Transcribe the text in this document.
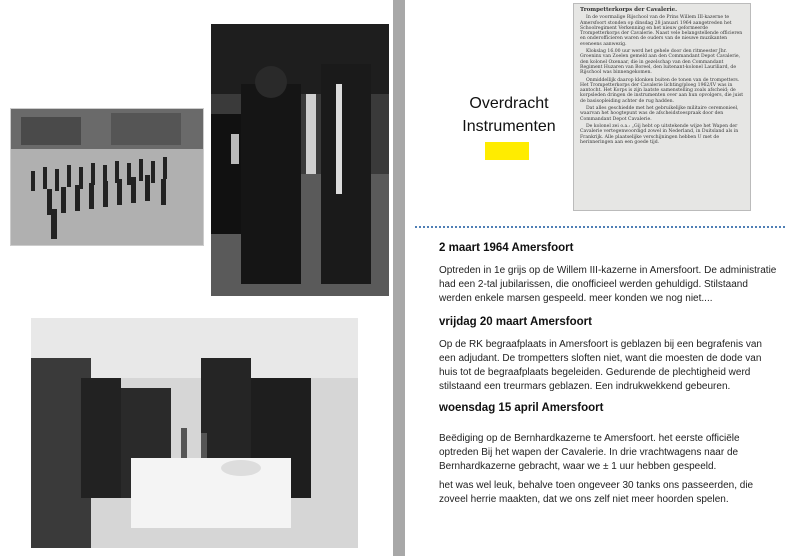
Trompetterkorps der Cavalerie.

In de voormalige Rijschool van de Prins Willem III-kazerne te Amersfoort stonden op dinsdag 28 januari 1964 aangetreden het Schoolregiment Verkenning en het nieuw geformeerde Trompetterkorps der Cavalerie. Naast vele belangstellende officieren en onderofficieren waren de ouders van de nieuwe muzikanten eveneens aanwezig.

Klokslag 16.00 uur werd het gehele door den ritmeester Jhr. Groeninx van Zoelen gemeld aan den Commandant Depot Cavalerie, den kolonel Oxenaar, die in gezelschap van den Commandant Regiment Huzaren van Boreel, den luitenant-kolonel Lauriliard, de Rijschool was binnengekomen.

Onmiddellijk daarop klonken buiten de tonen van de trompetters. Het Trompetterkorps der Cavalerie lichting/ploeg 1962/IV was in aantocht. Het Korps is zijn laatste samenstelling zoals afscheid; de korpsleden dringen de instrumenten over aan hun opvolgers, die juist de basisopleiding achter de rug hadden.

Dat alles geschiedde met het gebruikelijke militaire ceremonieel, waarvan het hoogtepunt was de afscheidstoespraak door den Commandant Depot Cavalerie.

De kolonel zei o.a.: „Gij hebt op uitstekende wijze het Wapen der Cavalerie vertegenwoordigd zowel in Nederland, in Duitsland als in Frankrijk. Alle plaatselijke verschijningen hebben U met de herinneringen aan een goede tijd.

Overdracht
Instrumenten
2 maart 1964 Amersfoort

Optreden in 1e grijs op de Willem III-kazerne in Amersfoort. De administratie had een 2-tal jubilarissen, die onofficieel werden gehuldigd. Stilstaand werden enkele marsen gespeeld. meer konden we nog niet....

vrijdag 20 maart Amersfoort

Op de RK begraafplaats in Amersfoort is geblazen bij een begrafenis van een adjudant. De trompetters sloften niet, want die moesten de dode van huis tot de begraafplaats begeleiden. Gedurende de plechtigheid werd stilstaand een treurmars geblazen. Een indrukwekkend gebeuren.

woensdag 15 april Amersfoort

Beëdiging op de Bernhardkazerne te Amersfoort. het eerste officiële optreden Bij het wapen der Cavalerie. In drie vrachtwagens naar de Bernhardkazerne gebracht, waar we ± 1 uur hebben gespeeld.

het was wel leuk, behalve toen ongeveer 30 tanks ons passeerden, die zoveel herrie maakten, dat we ons zelf niet meer hoorden spelen.
